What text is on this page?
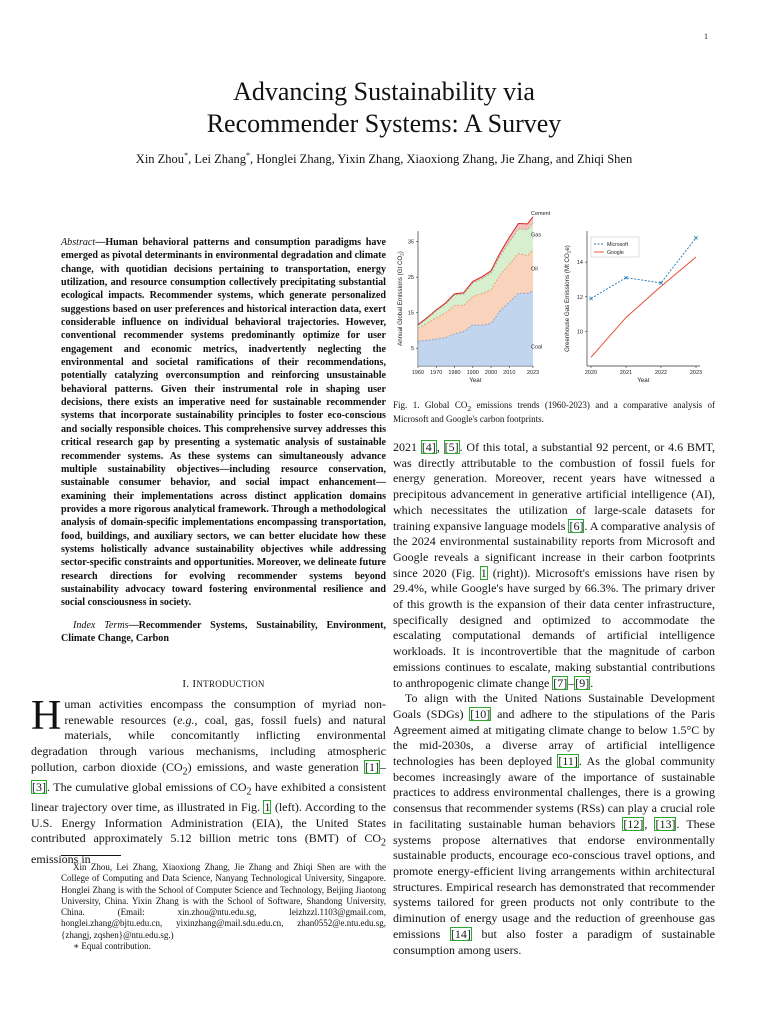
1
Advancing Sustainability via
Recommender Systems: A Survey
Xin Zhou*, Lei Zhang*, Honglei Zhang, Yixin Zhang, Xiaoxiong Zhang, Jie Zhang, and Zhiqi Shen

Abstract—Human behavioral patterns and consumption paradigms have emerged as pivotal determinants in environmental degradation and climate change, with quotidian decisions pertaining to transportation, energy utilization, and resource consumption collectively precipitating substantial ecological impacts. Recommender systems, which generate personalized suggestions based on user preferences and historical interaction data, exert considerable influence on individual behavioral trajectories. However, conventional recommender systems predominantly optimize for user engagement and economic metrics, inadvertently neglecting the environmental and societal ramifications of their recommendations, potentially catalyzing overconsumption and reinforcing unsustainable behavioral patterns. Given their instrumental role in shaping user decisions, there exists an imperative need for sustainable recommender systems that incorporate sustainability principles to foster eco-conscious and socially responsible choices. This comprehensive survey addresses this critical research gap by presenting a systematic analysis of sustainable recommender systems. As these systems can simultaneously advance multiple sustainability objectives—including resource conservation, sustainable consumer behavior, and social impact enhancement—examining their implementations across distinct application domains provides a more rigorous analytical framework. Through a methodological analysis of domain-specific implementations encompassing transportation, food, buildings, and auxiliary sectors, we can better elucidate how these systems holistically advance sustainability objectives while addressing sector-specific constraints and opportunities. Moreover, we delineate future research directions for evolving recommender systems beyond sustainability advocacy toward fostering environmental resilience and social consciousness in society.

Index Terms—Recommender Systems, Sustainability, Environment, Climate Change, Carbon

I. INTRODUCTION

Human activities encompass the consumption of myriad non-renewable resources (e.g., coal, gas, fossil fuels) and natural materials, while concomitantly inflicting environmental degradation through various mechanisms, including atmospheric pollution, carbon dioxide $(CO_2)$ emissions, and waste generation [1]–[3]. The cumulative global emissions of $CO_2$ have exhibited a consistent linear trajectory over time, as illustrated in Fig. 1 (left). According to the U.S. Energy Information Administration (EIA), the United States contributed approximately 5.12 billion metric tons (BMT) of $CO_2$ emissions in

Xin Zhou, Lei Zhang, Xiaoxiong Zhang, Jie Zhang and Zhiqi Shen are with the College of Computing and Data Science, Nanyang Technological University, Singapore. Honglei Zhang is with the School of Computer Science and Technology, Beijing Jiaotong University, China. Yixin Zhang is with the School of Software, Shandong University, China. (Email: xin.zhou@ntu.edu.sg, leizhzzl.1103@gmail.com, honglei.zhang@bjtu.edu.cn, yixinzhang@mail.sdu.edu.cn, zhan0552@e.ntu.edu.sg, {zhangj, zqshen}@ntu.edu.sg.)
∗ Equal contribution.

Coal
Oil
Gas
Cement
5
15
25
35
1960 1970 1980 1990 2000 2010 2023
Year
Annual Global Emissions (Gt $CO_2$)
10
12
14
2020	2021	2022	2023
Year
Greenhouse Gas Emissions (Mt $CO_2e$)	Microsoft
Google

Fig. 1. Global $CO_2$ emissions trends (1960-2023) and a comparative analysis of Microsoft and Google's carbon footprints.

2021 [4], [5]. Of this total, a substantial 92 percent, or 4.6 BMT, was directly attributable to the combustion of fossil fuels for energy generation. Moreover, recent years have witnessed a precipitous advancement in generative artificial intelligence (AI), which necessitates the utilization of large-scale datasets for training expansive language models [6]. A comparative analysis of the 2024 environmental sustainability reports from Microsoft and Google reveals a significant increase in their carbon footprints since 2020 (Fig. 1 (right)). Microsoft's emissions have risen by 29.4%, while Google's have surged by 66.3%. The primary driver of this growth is the expansion of their data center infrastructure, specifically designed and optimized to accommodate the escalating computational demands of artificial intelligence workloads. It is incontrovertible that the magnitude of carbon emissions continues to escalate, making substantial contributions to anthropogenic climate change [7]–[9].

To align with the United Nations Sustainable Development Goals (SDGs) [10] and adhere to the stipulations of the Paris Agreement aimed at mitigating climate change to below 1.5°C by the mid-2030s, a diverse array of artificial intelligence technologies has been deployed [11]. As the global community becomes increasingly aware of the importance of sustainable practices to address environmental challenges, there is a growing consensus that recommender systems (RSs) can play a crucial role in facilitating sustainable human behaviors [12], [13]. These systems propose alternatives that endorse environmentally sustainable products, encourage eco-conscious travel options, and promote energy-efficient living arrangements within architectural structures. Empirical research has demonstrated that recommender systems tailored for green products not only contribute to the diminution of energy usage and the reduction of greenhouse gas emissions [14] but also foster a paradigm of sustainable consumption among users.
